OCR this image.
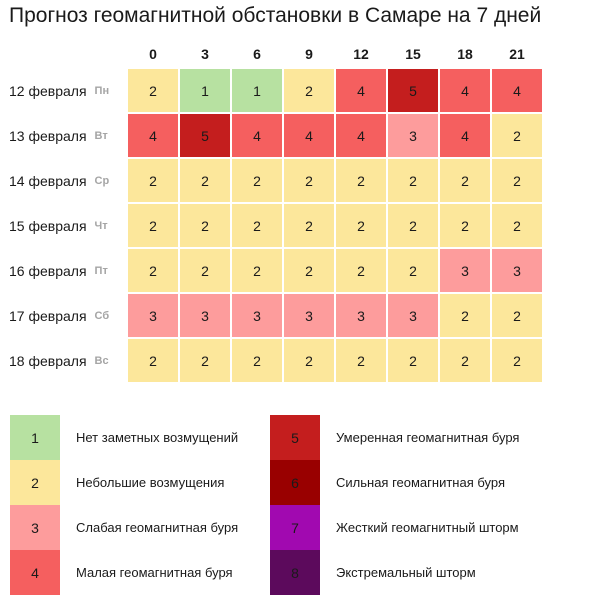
Прогноз геомагнитной обстановки в Самаре на 7 дней
0	3	6	9	12	15	18	21
12 февраля Пн	2	1	1	2	4	5	4	4
13 февраля Вт	4	5	4	4	4	3	4	2
14 февраля Ср	2	2	2	2	2	2	2	2
15 февраля Чт	2	2	2	2	2	2	2	2
16 февраля Пт	2	2	2	2	2	2	3	3
17 февраля Сб	3	3	3	3	3	3	2	2
18 февраля Вс	2	2	2	2	2	2	2	2
1	Нет заметных возмущений
2	Небольшие возмущения
3	Слабая геомагнитная буря
4	Малая геомагнитная буря
5	Умеренная геомагнитная буря
6	Сильная геомагнитная буря
7	Жесткий геомагнитный шторм
8	Экстремальный шторм
